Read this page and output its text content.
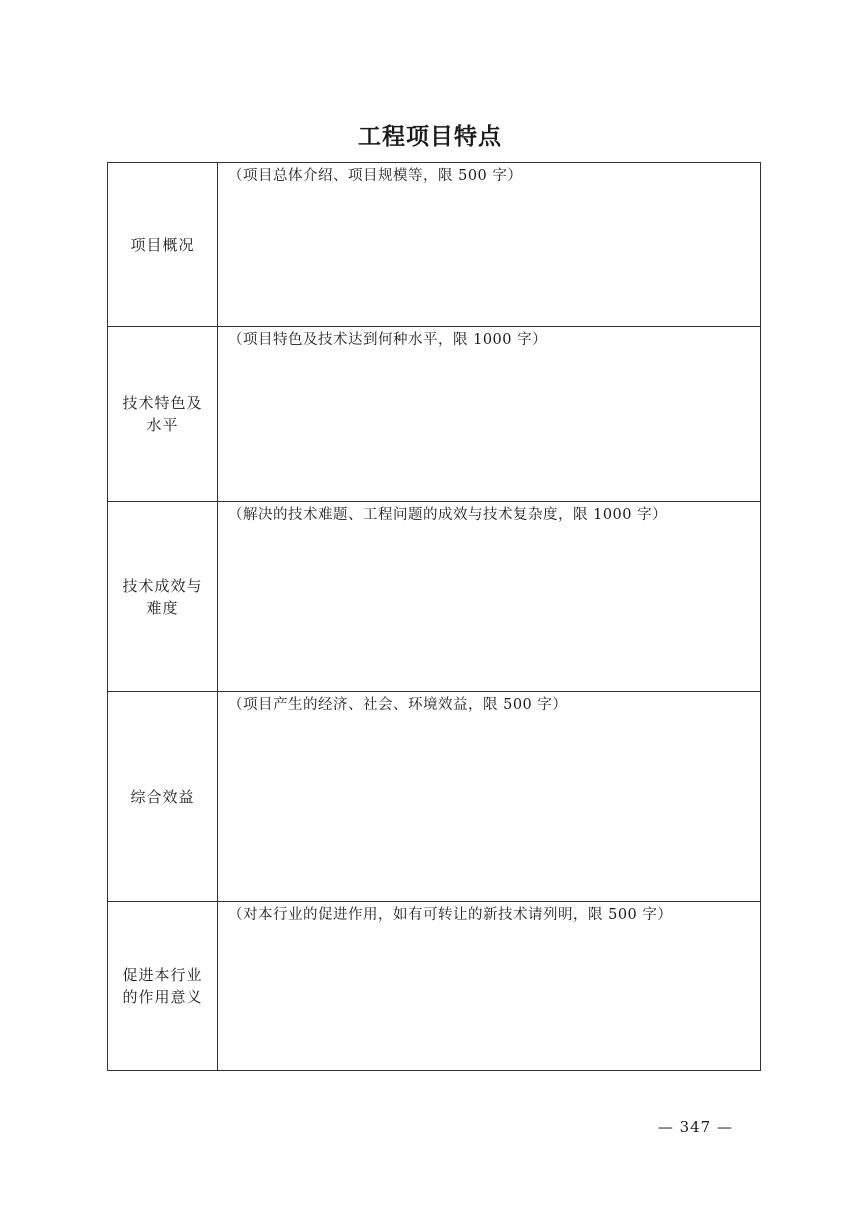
工程项目特点
项目概况	（项目总体介绍、项目规模等，限 500 字）

技术特色及水平	（项目特色及技术达到何种水平，限 1000 字）

技术成效与难度	（解决的技术难题、工程问题的成效与技术复杂度，限 1000 字）

综合效益	（项目产生的经济、社会、环境效益，限 500 字）

促进本行业的作用意义	（对本行业的促进作用，如有可转让的新技术请列明，限 500 字）
— 347 —
